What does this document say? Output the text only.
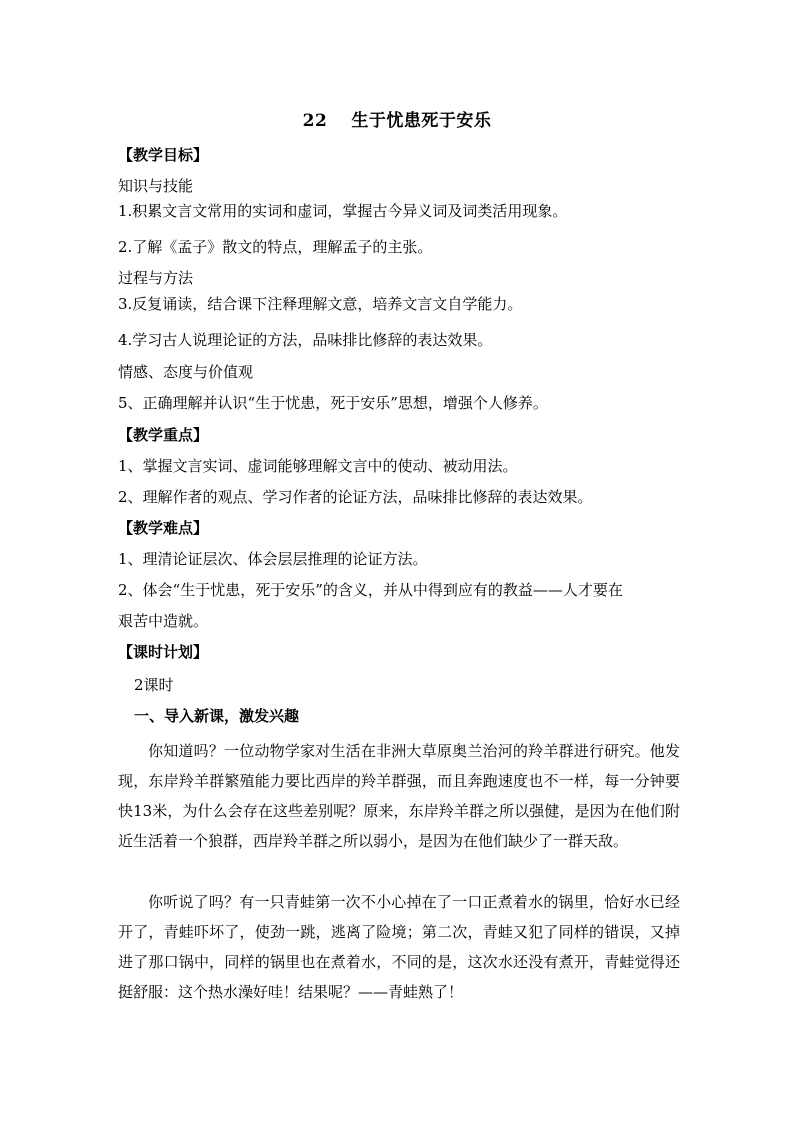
22 生于忧患死于安乐
【教学目标】
知识与技能
1.积累文言文常用的实词和虚词，掌握古今异义词及词类活用现象。
2.了解《孟子》散文的特点，理解孟子的主张。
过程与方法
3.反复诵读，结合课下注释理解文意，培养文言文自学能力。
4.学习古人说理论证的方法，品味排比修辞的表达效果。
情感、态度与价值观
5、正确理解并认识“生于忧患，死于安乐”思想，增强个人修养。
【教学重点】
1、掌握文言实词、虚词能够理解文言中的使动、被动用法。
2、理解作者的观点、学习作者的论证方法，品味排比修辞的表达效果。
【教学难点】
1、理清论证层次、体会层层推理的论证方法。
2、体会“生于忧患，死于安乐”的含义，并从中得到应有的教益——人才要在
艰苦中造就。
【课时计划】
2课时
一、导入新课，激发兴趣
你知道吗？一位动物学家对生活在非洲大草原奥兰治河的羚羊群进行研究。他发现，东岸羚羊群繁殖能力要比西岸的羚羊群强，而且奔跑速度也不一样，每一分钟要快13米，为什么会存在这些差别呢？原来，东岸羚羊群之所以强健，是因为在他们附近生活着一个狼群，西岸羚羊群之所以弱小，是因为在他们缺少了一群天敌。
你听说了吗？有一只青蛙第一次不小心掉在了一口正煮着水的锅里，恰好水已经开了，青蛙吓坏了，使劲一跳，逃离了险境；第二次，青蛙又犯了同样的错误，又掉进了那口锅中，同样的锅里也在煮着水，不同的是，这次水还没有煮开，青蛙觉得还挺舒服：这个热水澡好哇！结果呢？——青蛙熟了！
